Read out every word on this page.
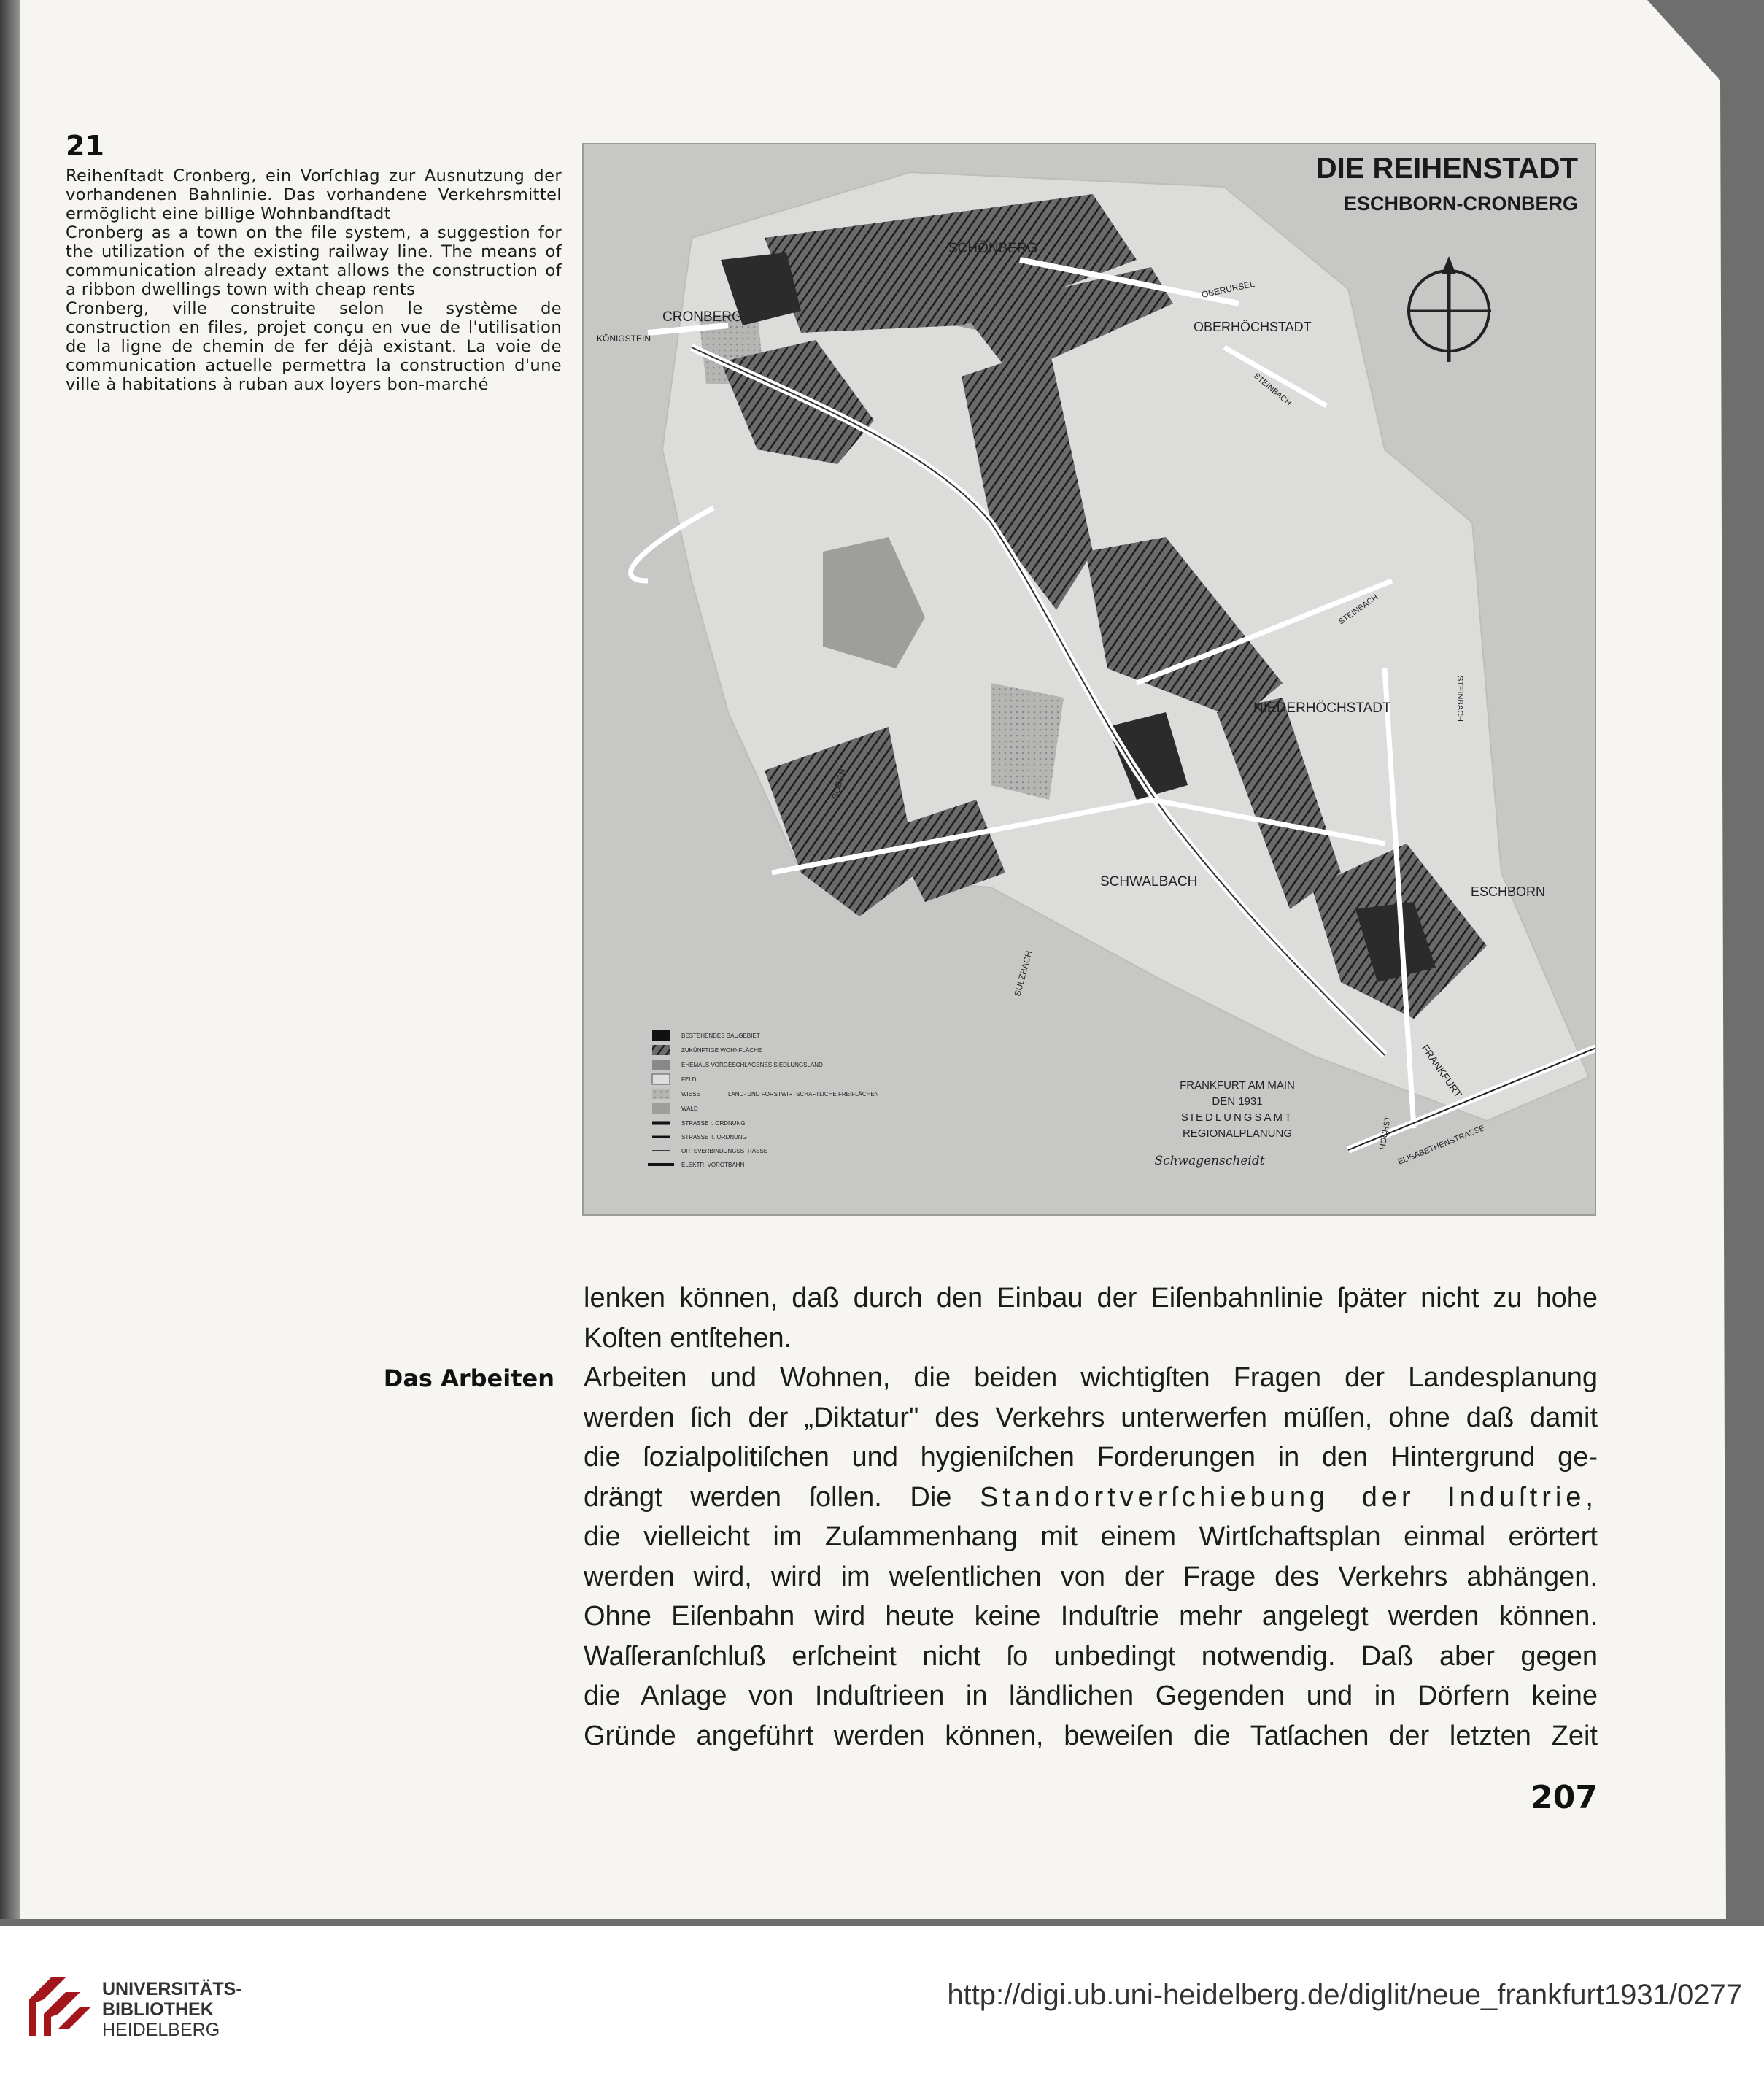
21

Reihenſtadt Cronberg, ein Vorſchlag zur Ausnutzung der vorhandenen Bahnlinie. Das vorhandene Verkehrsmittel ermöglicht eine billige Wohnbandſtadt

Cronberg as a town on the file system, a suggestion for the utilization of the existing railway line. The means of communication already extant allows the construction of a ribbon dwellings town with cheap rents

Cronberg, ville construite selon le système de construction en files, projet conçu en vue de l'utilisation de la ligne de chemin de fer déjà existant. La voie de communication actuelle permettra la construction d'une ville à habitations à ruban aux loyers bon-marché

DIE REIHENSTADT
ESCHBORN-CRONBERG
SCHÖNBERG
CRONBERG
OBERHÖCHSTADT
NIEDERHÖCHSTADT
SCHWALBACH
ESCHBORN
KÖNIGSTEIN
OBERURSEL
STEINBACH
STEINBACH
STEINBACH
SODEN
SULZBACH
FRANKFURT
HÖCHST ELISABETHENSTRASSE
BESTEHENDES BAUGEBIET
ZUKÜNFTIGE WOHNFLÄCHE
EHEMALS VORGESCHLAGENES SIEDLUNGSLAND
FELD
WIESE	LAND- UND FORSTWIRTSCHAFTLICHE FREIFLÄCHEN
WALD
STRASSE I. ORDNUNG
STRASSE II. ORDNUNG
ORTSVERBINDUNGSSTRASSE
ELEKTR. VOROTBAHN
FRANKFURT AM MAIN
DEN 1931
SIEDLUNGSAMT
REGIONALPLANUNG
Schwagenscheidt
Das Arbeiten
lenken können, daß durch den Einbau der Eiſenbahnlinie ſpäter nicht zu hohe
Koſten entſtehen.
Arbeiten und Wohnen, die beiden wichtigſten Fragen der Landesplanung
werden ſich der „Diktatur" des Verkehrs unterwerfen müſſen, ohne daß damit
die ſozialpolitiſchen und hygieniſchen Forderungen in den Hintergrund ge-
drängt werden ſollen. Die Standortverſchiebung der Induſtrie,
die vielleicht im Zuſammenhang mit einem Wirtſchaftsplan einmal erörtert
werden wird, wird im weſentlichen von der Frage des Verkehrs abhängen.
Ohne Eiſenbahn wird heute keine Induſtrie mehr angelegt werden können.
Waſſeranſchluß erſcheint nicht ſo unbedingt notwendig. Daß aber gegen
die Anlage von Induſtrieen in ländlichen Gegenden und in Dörfern keine
Gründe angeführt werden können, beweiſen die Tatſachen der letzten Zeit
207
UNIVERSITÄTS-
BIBLIOTHEK
HEIDELBERG
http://digi.ub.uni-heidelberg.de/diglit/neue_frankfurt1931/0277
